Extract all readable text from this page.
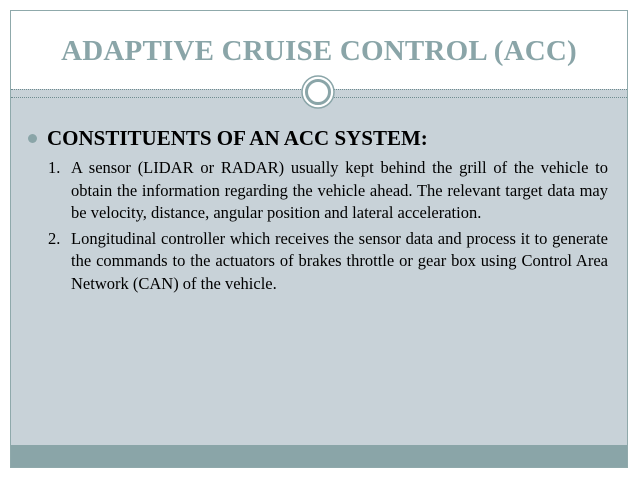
ADAPTIVE CRUISE CONTROL (ACC)
CONSTITUENTS OF AN ACC SYSTEM:
1. A sensor (LIDAR or RADAR) usually kept behind the grill of the vehicle to obtain the information regarding the vehicle ahead. The relevant target data may be velocity, distance, angular position and lateral acceleration.
2. Longitudinal controller which receives the sensor data and process it to generate the commands to the actuators of brakes throttle or gear box using Control Area Network (CAN) of the vehicle.
